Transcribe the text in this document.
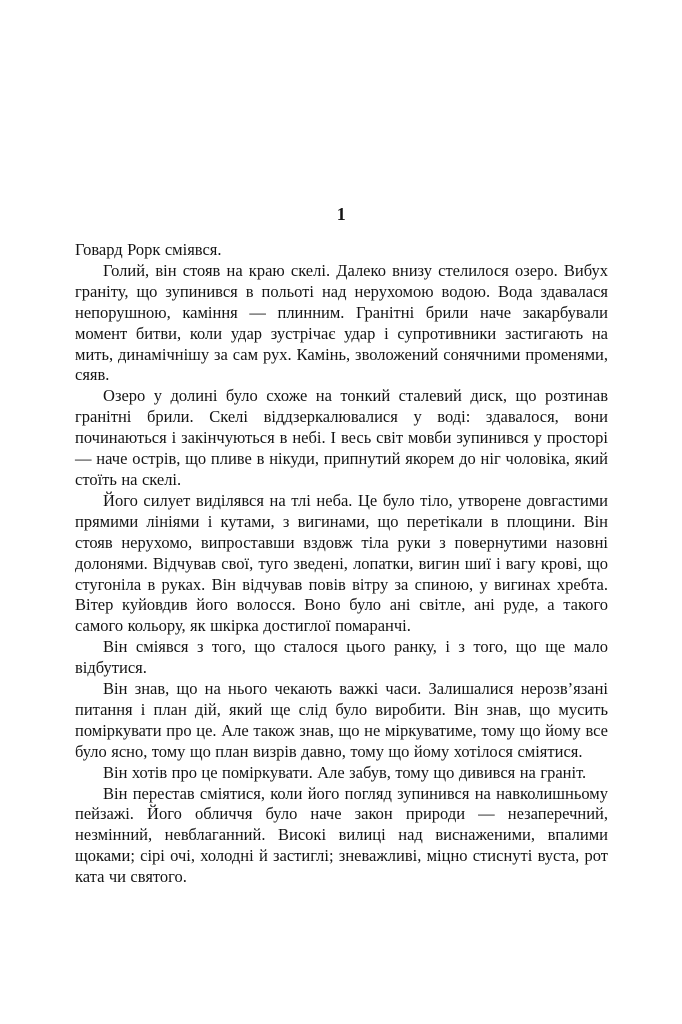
1

Говард Рорк сміявся.

Голий, він стояв на краю скелі. Далеко внизу стелилося озеро. Вибух граніту, що зупинився в польоті над нерухомою водою. Вода здавалася непорушною, каміння — плинним. Гранітні брили наче закарбували момент битви, коли удар зустрічає удар і супротивники застигають на мить, динамічнішу за сам рух. Камінь, зволожений сонячними променями, сяяв.

Озеро у долині було схоже на тонкий сталевий диск, що розтинав гранітні брили. Скелі віддзеркалювалися у воді: здавалося, вони починаються і закінчуються в небі. І весь світ мовби зупинився у просторі — наче острів, що пливе в нікуди, припнутий якорем до ніг чоловіка, який стоїть на скелі.

Його силует виділявся на тлі неба. Це було тіло, утворене довгастими прямими лініями і кутами, з вигинами, що перетікали в площини. Він стояв нерухомо, випроставши вздовж тіла руки з повернутими назовні долонями. Відчував свої, туго зведені, лопатки, вигин шиї і вагу крові, що стугоніла в руках. Він відчував повів вітру за спиною, у вигинах хребта. Вітер куйовдив його волосся. Воно було ані світле, ані руде, а такого самого кольору, як шкірка достиглої помаранчі.

Він сміявся з того, що сталося цього ранку, і з того, що ще мало відбутися.

Він знав, що на нього чекають важкі часи. Залишалися нерозв’язані питання і план дій, який ще слід було виробити. Він знав, що мусить поміркувати про це. Але також знав, що не міркуватиме, тому що йому все було ясно, тому що план визрів давно, тому що йому хотілося сміятися.

Він хотів про це поміркувати. Але забув, тому що дивився на граніт.

Він перестав сміятися, коли його погляд зупинився на навколишньому пейзажі. Його обличчя було наче закон природи — незаперечний, незмінний, невблаганний. Високі вилиці над виснаженими, впалими щоками; сірі очі, холодні й застиглі; зневажливі, міцно стиснуті вуста, рот ката чи святого.
